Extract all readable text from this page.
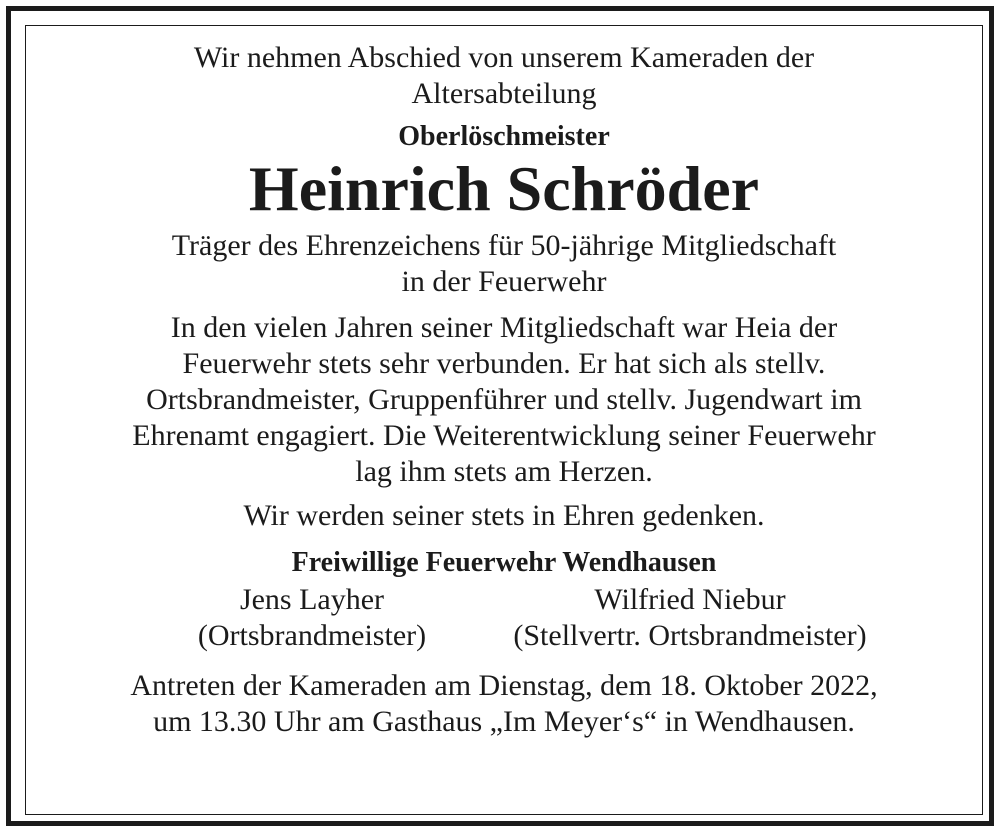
Wir nehmen Abschied von unserem Kameraden der
Altersabteilung
Oberlöschmeister
Heinrich Schröder
Träger des Ehrenzeichens für 50-jährige Mitgliedschaft
in der Feuerwehr
In den vielen Jahren seiner Mitgliedschaft war Heia der
Feuerwehr stets sehr verbunden. Er hat sich als stellv.
Ortsbrandmeister, Gruppenführer und stellv. Jugendwart im
Ehrenamt engagiert. Die Weiterentwicklung seiner Feuerwehr
lag ihm stets am Herzen.
Wir werden seiner stets in Ehren gedenken.
Freiwillige Feuerwehr Wendhausen
Jens Layher
(Ortsbrandmeister)
Wilfried Niebur
(Stellvertr. Ortsbrandmeister)
Antreten der Kameraden am Dienstag, dem 18. Oktober 2022,
um 13.30 Uhr am Gasthaus „Im Meyer‘s“ in Wendhausen.
